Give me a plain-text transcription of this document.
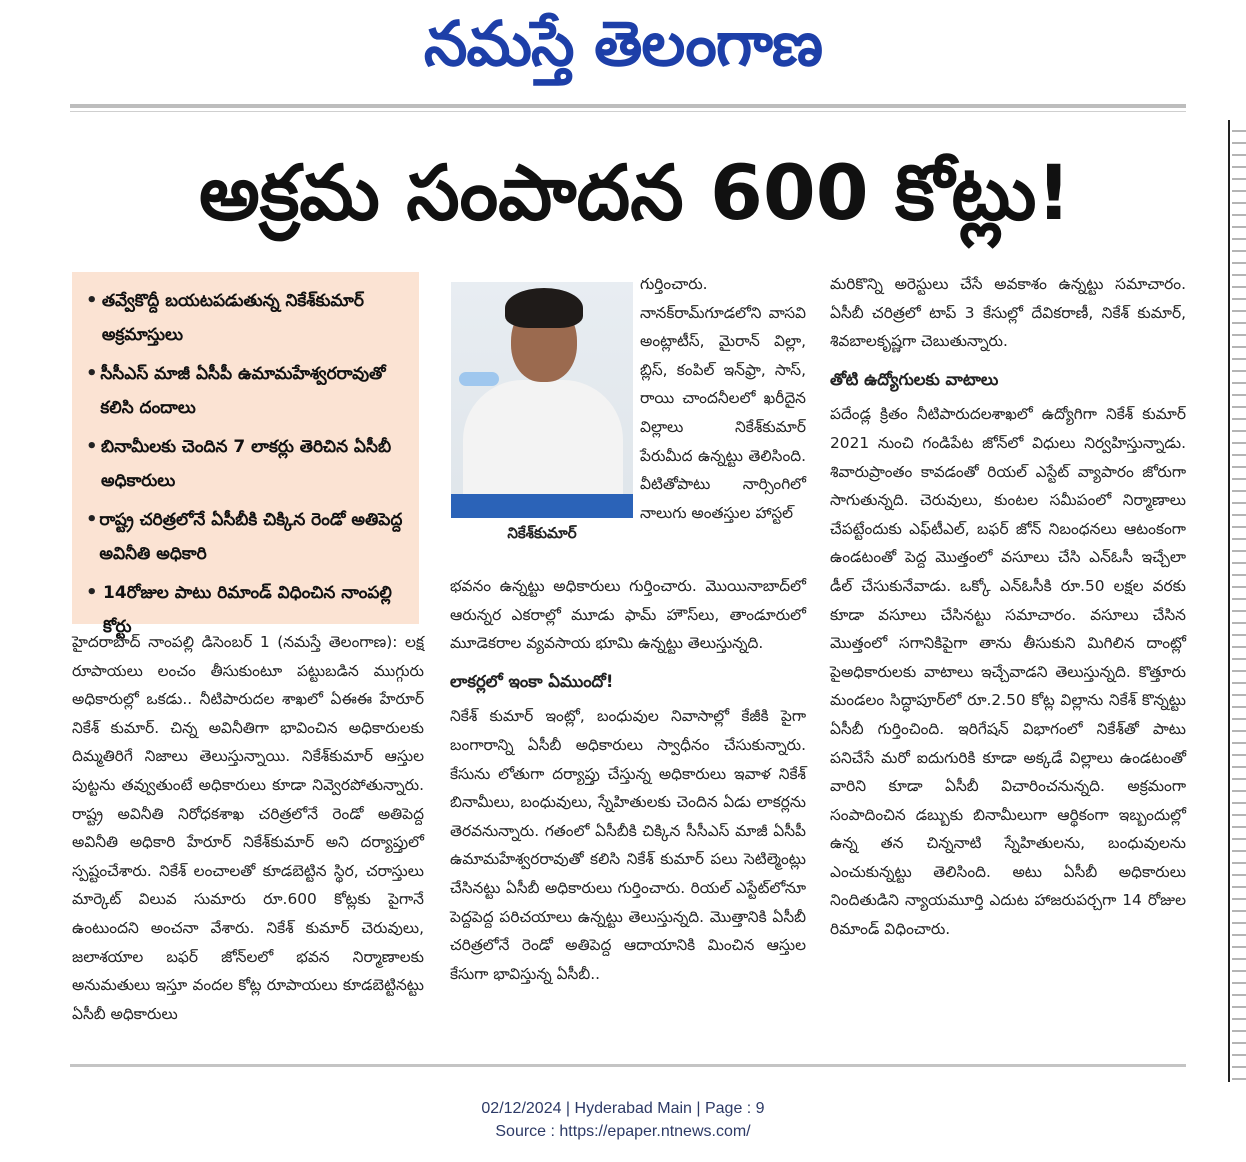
నమస్తే తెలంగాణ
అక్రమ సంపాదన 600 కోట్లు!
• తవ్వేకొద్దీ బయటపడుతున్న నికేశ్‌కుమార్ అక్రమాస్తులు
• సీసీఎస్ మాజీ ఏసీపీ ఉమామహేశ్వరరావుతో కలిసి దందాలు
• బినామీలకు చెందిన 7 లాకర్లు తెరిచిన ఏసీబీ అధికారులు
• రాష్ట్ర చరిత్రలోనే ఏసీబీకి చిక్కిన రెండో అతిపెద్ద అవినీతి అధికారి
• 14రోజుల పాటు రిమాండ్ విధించిన నాంపల్లి కోర్టు
హైదరాబాద్ నాంపల్లి డిసెంబర్ 1 (నమస్తే తెలంగాణ): లక్ష రూపాయలు లంచం తీసుకుంటూ పట్టుబడిన ముగ్గురు అధికారుల్లో ఒకడు.. నీటిపారుదల శాఖలో ఏఈఈ హేరూర్ నికేశ్ కుమార్. చిన్న అవినీతిగా భావించిన అధికారులకు దిమ్మతిరిగే నిజాలు తెలుస్తున్నాయి. నికేశ్‌కుమార్ ఆస్తుల పుట్టను తవ్వుతుంటే అధికారులు కూడా నివ్వెరపోతున్నారు. రాష్ట్ర అవినీతి నిరోధకశాఖ చరిత్రలోనే రెండో అతిపెద్ద అవినీతి అధికారి హేరూర్ నికేశ్‌కుమార్ అని దర్యాప్తులో స్పష్టంచేశారు. నికేశ్ లంచాలతో కూడబెట్టిన స్థిర, చరాస్తులు మార్కెట్ విలువ సుమారు రూ.600 కోట్లకు పైగానే ఉంటుందని అంచనా వేశారు. నికేశ్ కుమార్ చెరువులు, జలాశయాల బఫర్ జోన్‌లలో భవన నిర్మాణాలకు అనుమతులు ఇస్తూ వందల కోట్ల రూపాయలు కూడబెట్టినట్టు ఏసీబీ అధికారులు
నికేశ్‌కుమార్
గుర్తించారు. నానక్‌రామ్‌గూడలోని వాసవి అంట్లాటీస్, మైరాన్ విల్లా, బ్లిస్, కంపిల్ ఇన్‌ఫ్రా, సాస్, రాయి చాందనీలలో ఖరీదైన విల్లాలు నికేశ్‌కుమార్ పేరుమీద ఉన్నట్టు తెలిసింది. వీటితోపాటు నార్సింగిలో నాలుగు అంతస్తుల హాస్టల్
భవనం ఉన్నట్టు అధికారులు గుర్తించారు. మొయినాబాద్‌లో ఆరున్నర ఎకరాల్లో మూడు ఫామ్ హౌస్‌లు, తాండూరులో మూడెకరాల వ్యవసాయ భూమి ఉన్నట్టు తెలుస్తున్నది.
లాకర్లలో ఇంకా ఏముందో!
నికేశ్ కుమార్ ఇంట్లో, బంధువుల నివాసాల్లో కేజీకి పైగా బంగారాన్ని ఏసీబీ అధికారులు స్వాధీనం చేసుకున్నారు. కేసును లోతుగా దర్యాప్తు చేస్తున్న అధికారులు ఇవాళ నికేశ్ బినామీలు, బంధువులు, స్నేహితులకు చెందిన ఏడు లాకర్లను తెరవనున్నారు. గతంలో ఏసీబీకి చిక్కిన సీసీఎస్ మాజీ ఏసీపీ ఉమామహేశ్వరరావుతో కలిసి నికేశ్ కుమార్ పలు సెటిల్మెంట్లు చేసినట్టు ఏసీబీ అధికారులు గుర్తించారు. రియల్ ఎస్టేట్‌లోనూ పెద్దపెద్ద పరిచయాలు ఉన్నట్టు తెలుస్తున్నది. మొత్తానికి ఏసీబీ చరిత్రలోనే రెండో అతిపెద్ద ఆదాయానికి మించిన ఆస్తుల కేసుగా భావిస్తున్న ఏసీబీ..
మరికొన్ని అరెస్టులు చేసే అవకాశం ఉన్నట్టు సమాచారం. ఏసీబీ చరిత్రలో టాప్ 3 కేసుల్లో దేవికరాణీ, నికేశ్ కుమార్, శివబాలకృష్ణగా చెబుతున్నారు.
తోటి ఉద్యోగులకు వాటాలు
పదేండ్ల క్రితం నీటిపారుదలశాఖలో ఉద్యోగిగా నికేశ్ కుమార్ 2021 నుంచి గండిపేట జోన్‌లో విధులు నిర్వహిస్తున్నాడు. శివారుప్రాంతం కావడంతో రియల్ ఎస్టేట్ వ్యాపారం జోరుగా సాగుతున్నది. చెరువులు, కుంటల సమీపంలో నిర్మాణాలు చేపట్టేందుకు ఎఫ్‌టీఎల్, బఫర్ జోన్ నిబంధనలు ఆటంకంగా ఉండటంతో పెద్ద మొత్తంలో వసూలు చేసి ఎన్‌ఓసీ ఇచ్చేలా డీల్ చేసుకునేవాడు. ఒక్కో ఎన్‌ఓసీకి రూ.50 లక్షల వరకు కూడా వసూలు చేసినట్టు సమాచారం. వసూలు చేసిన మొత్తంలో సగానికిపైగా తాను తీసుకుని మిగిలిన దాంట్లో పైఅధికారులకు వాటాలు ఇచ్చేవాడని తెలుస్తున్నది. కొత్తూరు మండలం సిద్ధాపూర్‌లో రూ.2.50 కోట్ల విల్లాను నికేశ్ కొన్నట్టు ఏసీబీ గుర్తించింది. ఇరిగేషన్ విభాగంలో నికేశ్‌తో పాటు పనిచేసే మరో ఐదుగురికి కూడా అక్కడే విల్లాలు ఉండటంతో వారిని కూడా ఏసీబీ విచారించనున్నది. అక్రమంగా సంపాదించిన డబ్బుకు బినామీలుగా ఆర్థికంగా ఇబ్బందుల్లో ఉన్న తన చిన్ననాటి స్నేహితులను, బంధువులను ఎంచుకున్నట్టు తెలిసింది. అటు ఏసీబీ అధికారులు నిందితుడిని న్యాయమూర్తి ఎదుట హాజరుపర్చగా 14 రోజుల రిమాండ్ విధించారు.
02/12/2024 | Hyderabad Main | Page : 9
Source : https://epaper.ntnews.com/
